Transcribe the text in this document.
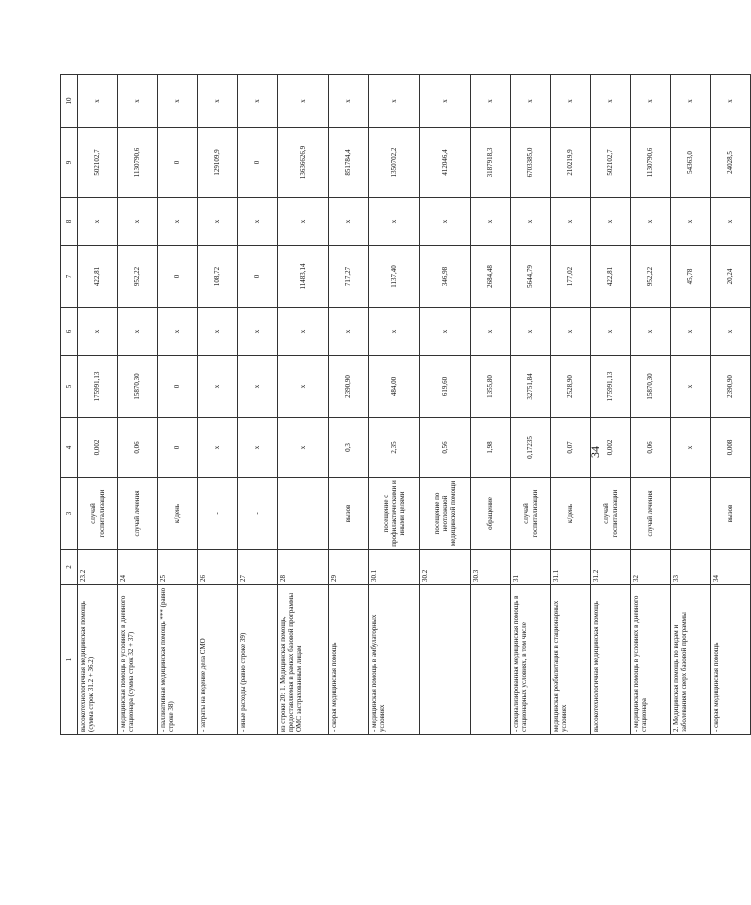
1	2	3	4	5	6	7	8	9	10
высокотехнологичная медицинская помощь (сумма строк 31.2 + 36.2)	23.2	случай госпитализации	0,002	175991,13	x	422,81	x	502102,7	x
- медицинская помощь в условиях в дневного стационара (сумма строк 32 + 37)	24	случай лечения	0,06	15870,30	x	952,22	x	1130790,6	x
- паллиативная медицинская помощь *** (равно строке 38)	25	к/день	0	0	x	0	x	0	x
- затраты на ведение дела СМО	26	-	x	x	x	108,72	x	129109,9	x
- иные расходы (равно строке 39)	27	-	x	x	x	0	x	0	x
из строки 20: 1. Медицинская помощь, предоставляемая в рамках базовой программы ОМС застрахованным лицам	28		x	x	x	11483,14	x	13636626,9	x
- скорая медицинская помощь	29	вызов	0,3	2390,90	x	717,27	x	851784,4	x
- медицинская помощь в амбулаторных условиях	30.1	посещение с профилактическими и иными целями	2,35	484,00	x	1137,40	x	1350702,2	x
	30.2	посещение по неотложной медицинской помощи	0,56	619,60	x	346,98	x	412046,4	x
	30.3	обращение	1,98	1355,80	x	2684,48	x	3187918,3	x
- специализированная медицинская помощь в стационарных условиях, в том числе	31	случай госпитализации	0,17235	32751,84	x	5644,79	x	6703385,0	x
медицинская реабилитация в стационарных условиях	31.1	к/день	0,07	2528,90	x	177,02	x	210219,9	x
высокотехнологичная медицинская помощь	31.2	случай госпитализации	0,002	175991,13	x	422,81	x	502102,7	x
- медицинская помощь в условиях в дневного стационара	32	случай лечения	0,06	15870,30	x	952,22	x	1130790,6	x
2. Медицинская помощь по видам и заболеваниям сверх базовой программы	33		x	x	x	45,78	x	54363,0	x
- скорая медицинская помощь	34	вызов	0,008	2390,90	x	20,24	x	24028,5	x
34
